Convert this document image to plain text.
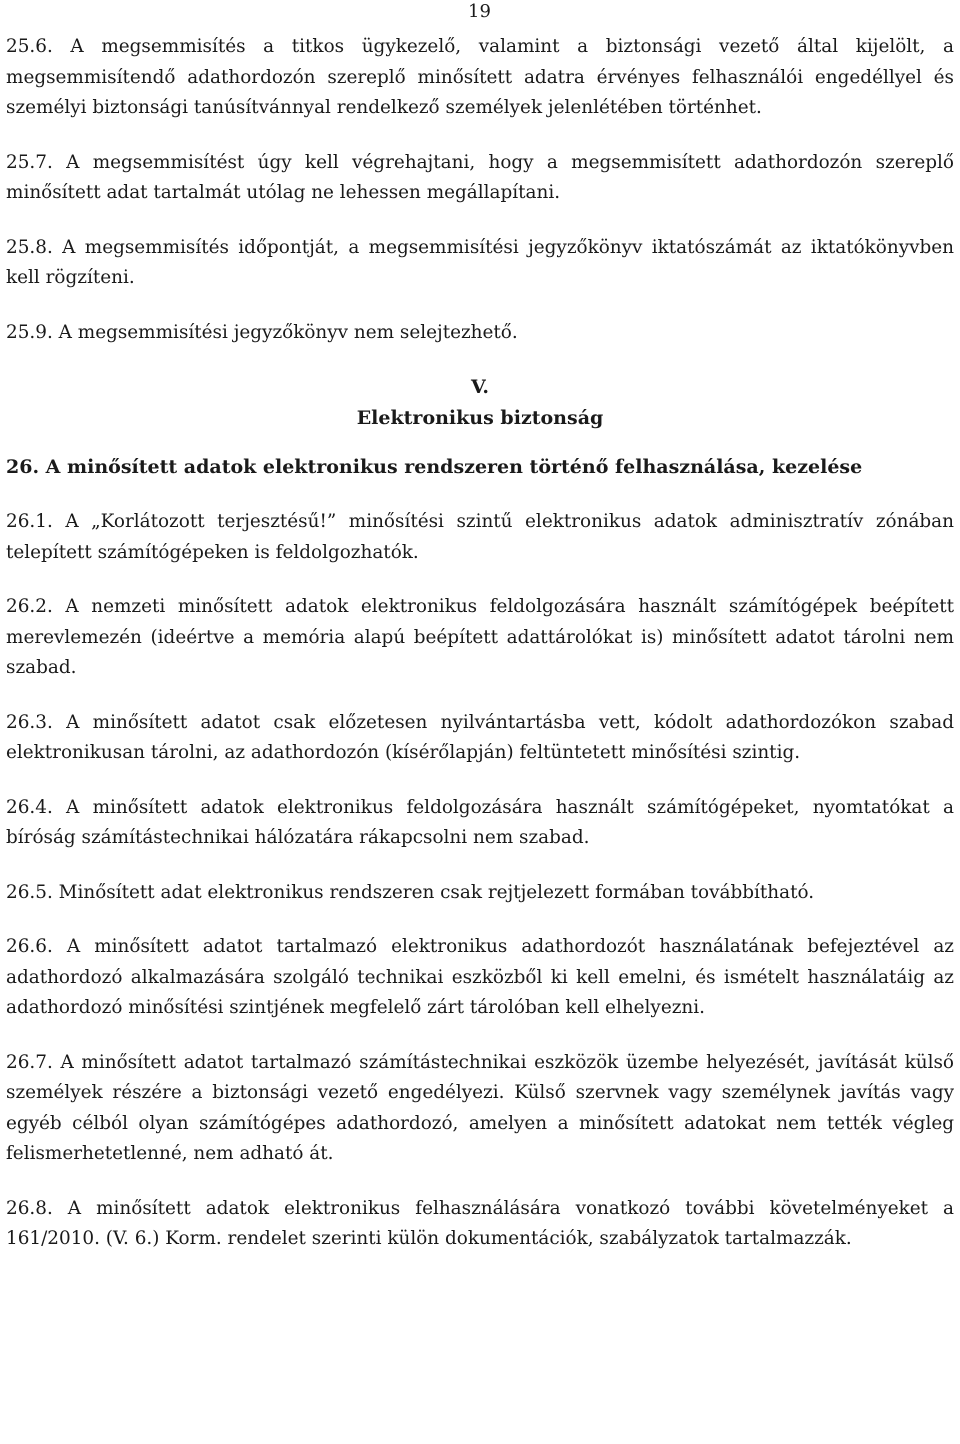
19

25.6. A megsemmisítés a titkos ügykezelő, valamint a biztonsági vezető által kijelölt, a megsemmisítendő adathordozón szereplő minősített adatra érvényes felhasználói engedéllyel és személyi biztonsági tanúsítvánnyal rendelkező személyek jelenlétében történhet.

25.7. A megsemmisítést úgy kell végrehajtani, hogy a megsemmisített adathordozón szereplő minősített adat tartalmát utólag ne lehessen megállapítani.

25.8. A megsemmisítés időpontját, a megsemmisítési jegyzőkönyv iktatószámát az iktatókönyvben kell rögzíteni.

25.9. A megsemmisítési jegyzőkönyv nem selejtezhető.

V.
Elektronikus biztonság
26. A minősített adatok elektronikus rendszeren történő felhasználása, kezelése

26.1. A „Korlátozott terjesztésű!” minősítési szintű elektronikus adatok adminisztratív zónában telepített számítógépeken is feldolgozhatók.

26.2. A nemzeti minősített adatok elektronikus feldolgozására használt számítógépek beépített merevlemezén (ideértve a memória alapú beépített adattárolókat is) minősített adatot tárolni nem szabad.

26.3. A minősített adatot csak előzetesen nyilvántartásba vett, kódolt adathordozókon szabad elektronikusan tárolni, az adathordozón (kísérőlapján) feltüntetett minősítési szintig.

26.4. A minősített adatok elektronikus feldolgozására használt számítógépeket, nyomtatókat a bíróság számítástechnikai hálózatára rákapcsolni nem szabad.

26.5. Minősített adat elektronikus rendszeren csak rejtjelezett formában továbbítható.

26.6. A minősített adatot tartalmazó elektronikus adathordozót használatának befejeztével az adathordozó alkalmazására szolgáló technikai eszközből ki kell emelni, és ismételt használatáig az adathordozó minősítési szintjének megfelelő zárt tárolóban kell elhelyezni.

26.7. A minősített adatot tartalmazó számítástechnikai eszközök üzembe helyezését, javítását külső személyek részére a biztonsági vezető engedélyezi. Külső szervnek vagy személynek javítás vagy egyéb célból olyan számítógépes adathordozó, amelyen a minősített adatokat nem tették végleg felismerhetetlenné, nem adható át.

26.8. A minősített adatok elektronikus felhasználására vonatkozó további követelményeket a 161/2010. (V. 6.) Korm. rendelet szerinti külön dokumentációk, szabályzatok tartalmazzák.
